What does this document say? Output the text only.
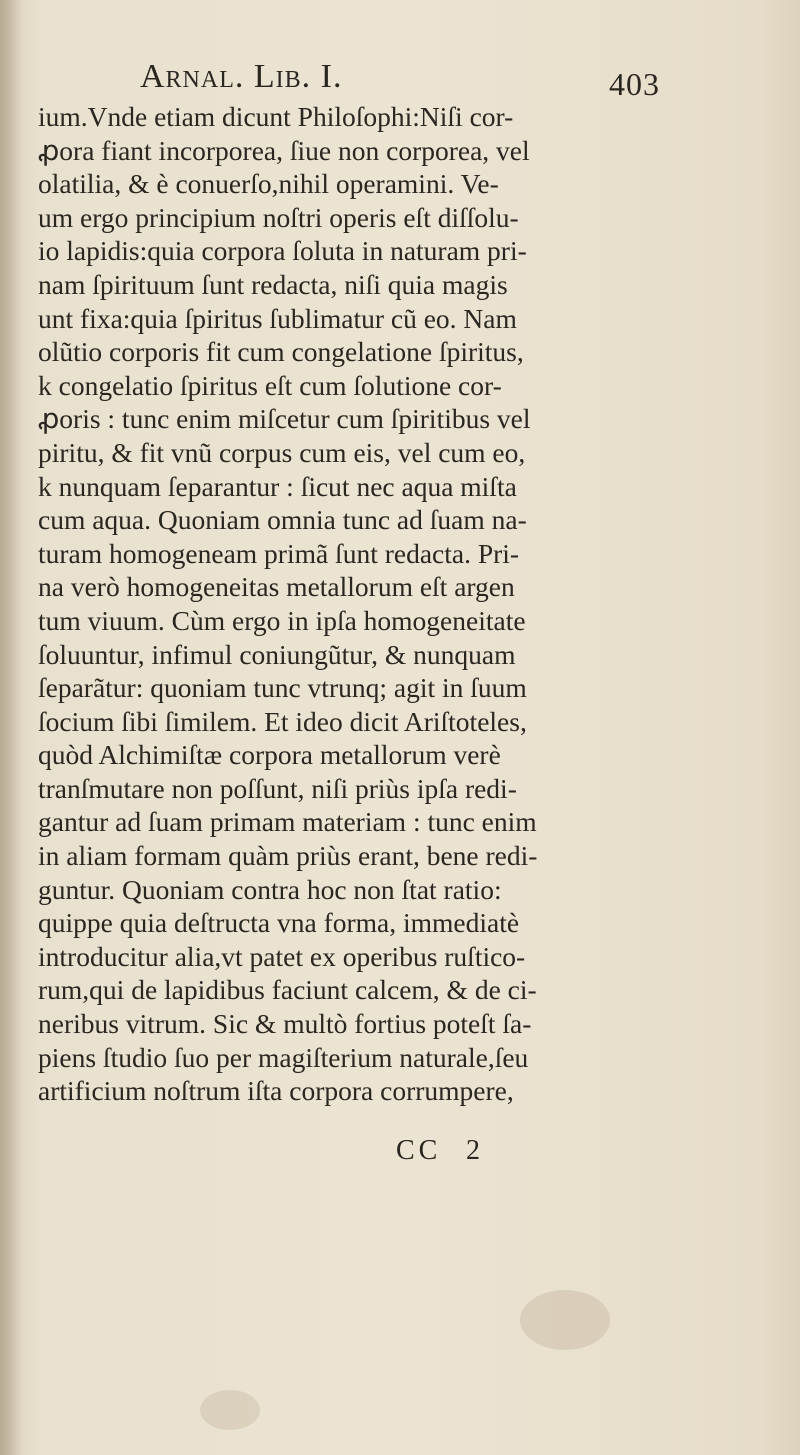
Arnal. Lib. I.	403
ium.Vnde etiam dicunt Philoſophi:Niſi cor-
ꝓora fiant incorporea, ſiue non corporea, vel
olatilia, & è conuerſo,nihil operamini. Ve-
um ergo principium noſtri operis eſt diſſolu-
io lapidis:quia corpora ſoluta in naturam pri-
nam ſpirituum ſunt redacta, niſi quia magis
unt fixa:quia ſpiritus ſublimatur cũ eo. Nam
olũtio corporis fit cum congelatione ſpiritus,
k congelatio ſpiritus eſt cum ſolutione cor-
ꝓoris : tunc enim miſcetur cum ſpiritibus vel
piritu, & fit vnũ corpus cum eis, vel cum eo,
k nunquam ſeparantur : ſicut nec aqua miſta
cum aqua. Quoniam omnia tunc ad ſuam na-
turam homogeneam primã ſunt redacta. Pri-
na verò homogeneitas metallorum eſt argen
tum viuum. Cùm ergo in ipſa homogeneitate
ſoluuntur, infimul coniungũtur, & nunquam
ſeparãtur: quoniam tunc vtrunq; agit in ſuum
ſocium ſibi ſimilem. Et ideo dicit Ariſtoteles,
quòd Alchimiſtæ corpora metallorum verè
tranſmutare non poſſunt, niſi priùs ipſa redi-
gantur ad ſuam primam materiam : tunc enim
in aliam formam quàm priùs erant, bene redi-
guntur. Quoniam contra hoc non ſtat ratio:
quippe quia deſtructa vna forma, immediatè
introducitur alia,vt patet ex operibus ruſtico-
rum,qui de lapidibus faciunt calcem, & de ci-
neribus vitrum. Sic & multò fortius poteſt ſa-
piens ſtudio ſuo per magiſterium naturale,ſeu
artificium noſtrum iſta corpora corrumpere,
CC 2
